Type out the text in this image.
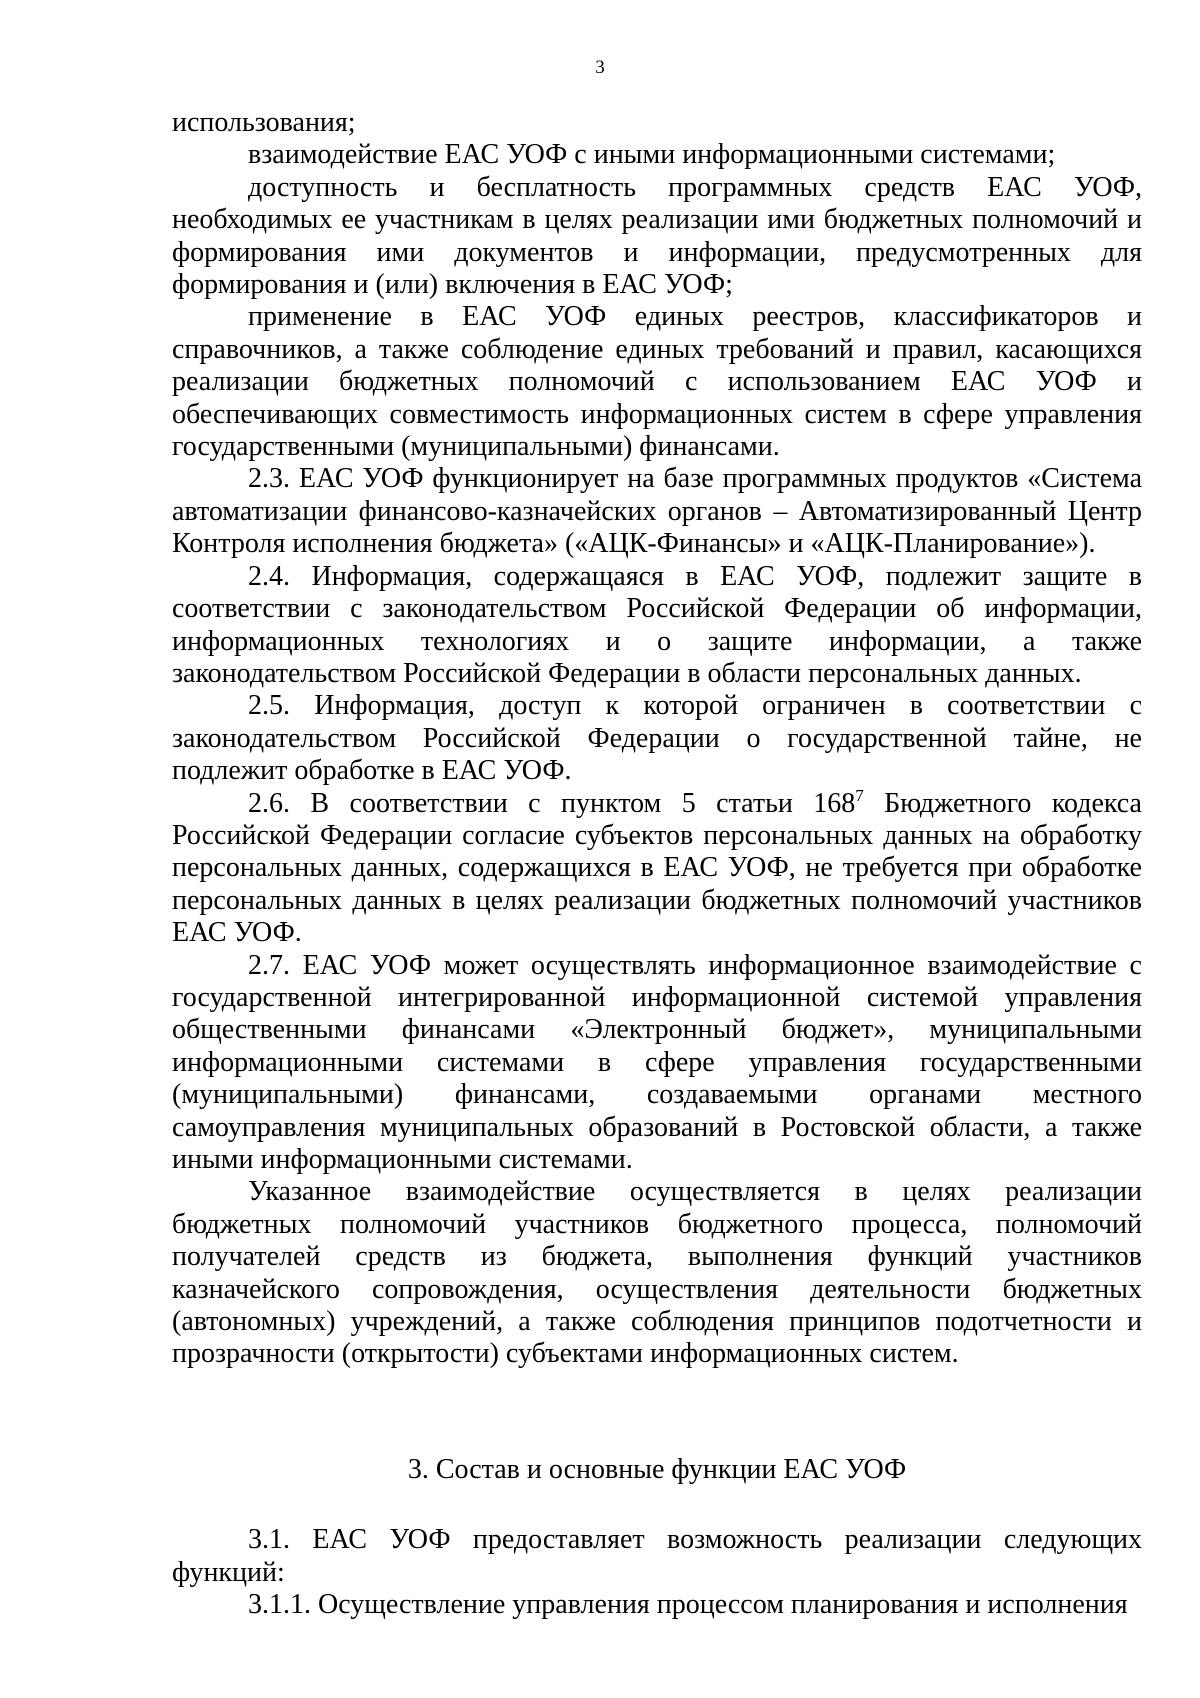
3

использования;

взаимодействие ЕАС УОФ с иными информационными системами;

доступность и бесплатность программных средств ЕАС УОФ, необходимых ее участникам в целях реализации ими бюджетных полномочий и формирования ими документов и информации, предусмотренных для формирования и (или) включения в ЕАС УОФ;

применение в ЕАС УОФ единых реестров, классификаторов и справочников, а также соблюдение единых требований и правил, касающихся реализации бюджетных полномочий с использованием ЕАС УОФ и обеспечивающих совместимость информационных систем в сфере управления государственными (муниципальными) финансами.

2.3. ЕАС УОФ функционирует на базе программных продуктов «Система автоматизации финансово-казначейских органов – Автоматизированный Центр Контроля исполнения бюджета» («АЦК-Финансы» и «АЦК-Планирование»).

2.4. Информация, содержащаяся в ЕАС УОФ, подлежит защите в соответствии с законодательством Российской Федерации об информации, информационных технологиях и о защите информации, а также законодательством Российской Федерации в области персональных данных.

2.5. Информация, доступ к которой ограничен в соответствии с законодательством Российской Федерации о государственной тайне, не подлежит обработке в ЕАС УОФ.

2.6. В соответствии с пунктом 5 статьи $168^7$ Бюджетного кодекса Российской Федерации согласие субъектов персональных данных на обработку персональных данных, содержащихся в ЕАС УОФ, не требуется при обработке персональных данных в целях реализации бюджетных полномочий участников ЕАС УОФ.

2.7. ЕАС УОФ может осуществлять информационное взаимодействие с государственной интегрированной информационной системой управления общественными финансами «Электронный бюджет», муниципальными информационными системами в сфере управления государственными (муниципальными) финансами, создаваемыми органами местного самоуправления муниципальных образований в Ростовской области, а также иными информационными системами.

Указанное взаимодействие осуществляется в целях реализации бюджетных полномочий участников бюджетного процесса, полномочий получателей средств из бюджета, выполнения функций участников казначейского сопровождения, осуществления деятельности бюджетных (автономных) учреждений, а также соблюдения принципов подотчетности и прозрачности (открытости) субъектами информационных систем.

3. Состав и основные функции ЕАС УОФ

3.1. ЕАС УОФ предоставляет возможность реализации следующих функций:

3.1.1. Осуществление управления процессом планирования и исполнения
